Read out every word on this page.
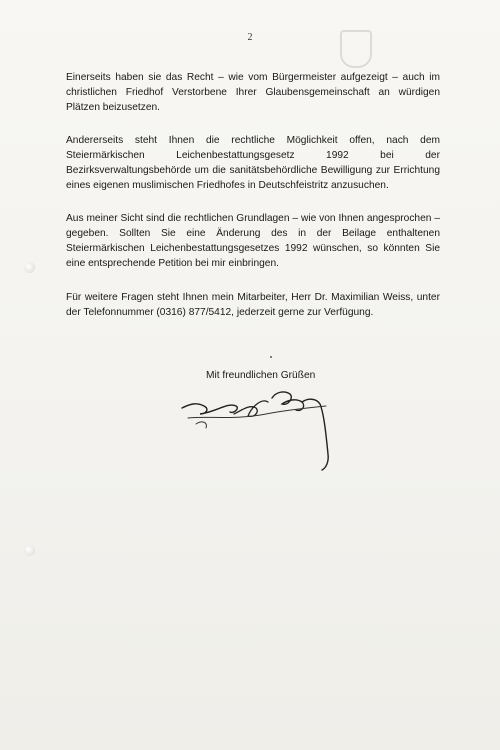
2
Einerseits haben sie das Recht – wie vom Bürgermeister aufgezeigt – auch im christlichen Friedhof Verstorbene Ihrer Glaubensgemeinschaft an würdigen Plätzen beizusetzen.
Andererseits steht Ihnen die rechtliche Möglichkeit offen, nach dem Steiermärkischen Leichenbestattungsgesetz 1992 bei der Bezirksverwaltungsbehörde um die sanitätsbehördliche Bewilligung zur Errichtung eines eigenen muslimischen Friedhofes in Deutschfeistritz anzusuchen.
Aus meiner Sicht sind die rechtlichen Grundlagen – wie von Ihnen angesprochen – gegeben. Sollten Sie eine Änderung des in der Beilage enthaltenen Steiermärkischen Leichenbestattungsgesetzes 1992 wünschen, so könnten Sie eine entsprechende Petition bei mir einbringen.
Für weitere Fragen steht Ihnen mein Mitarbeiter, Herr Dr. Maximilian Weiss, unter der Telefonnummer (0316) 877/5412, jederzeit gerne zur Verfügung.
Mit freundlichen Grüßen
